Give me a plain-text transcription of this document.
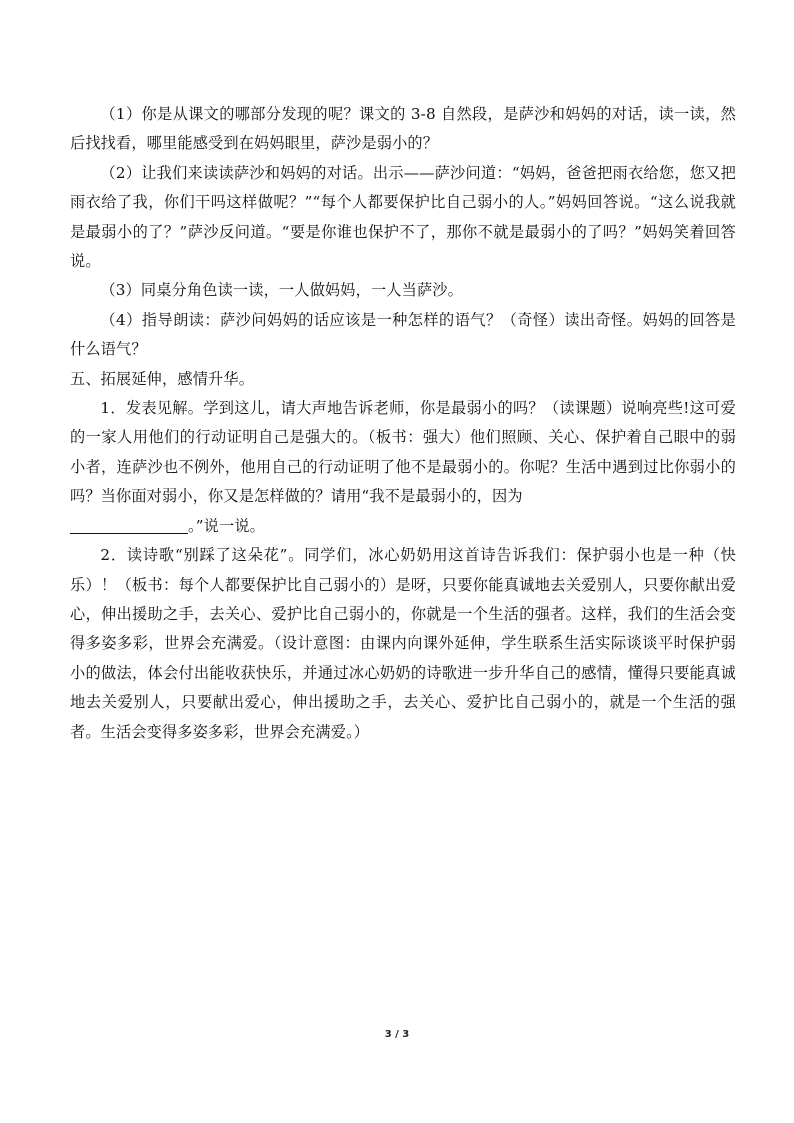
（1）你是从课文的哪部分发现的呢？课文的 3-8 自然段，是萨沙和妈妈的对话，读一读，然后找找看，哪里能感受到在妈妈眼里，萨沙是弱小的？

（2）让我们来读读萨沙和妈妈的对话。出示——萨沙问道：“妈妈，爸爸把雨衣给您，您又把雨衣给了我，你们干吗这样做呢？”“每个人都要保护比自己弱小的人。”妈妈回答说。“这么说我就是最弱小的了？”萨沙反问道。“要是你谁也保护不了，那你不就是最弱小的了吗？”妈妈笑着回答说。

（3）同桌分角色读一读，一人做妈妈，一人当萨沙。

（4）指导朗读：萨沙问妈妈的话应该是一种怎样的语气？（奇怪）读出奇怪。妈妈的回答是什么语气？

五、拓展延伸，感情升华。

1．发表见解。学到这儿，请大声地告诉老师，你是最弱小的吗？（读课题）说响亮些!这可爱的一家人用他们的行动证明自己是强大的。（板书：强大）他们照顾、关心、保护着自己眼中的弱小者，连萨沙也不例外，他用自己的行动证明了他不是最弱小的。你呢？生活中遇到过比你弱小的吗？当你面对弱小，你又是怎样做的？请用“我不是最弱小的，因为
。”说一说。

2．读诗歌“别踩了这朵花”。同学们，冰心奶奶用这首诗告诉我们：保护弱小也是一种（快乐）！（板书：每个人都要保护比自己弱小的）是呀，只要你能真诚地去关爱别人，只要你献出爱心，伸出援助之手，去关心、爱护比自己弱小的，你就是一个生活的强者。这样，我们的生活会变得多姿多彩，世界会充满爱。（设计意图：由课内向课外延伸，学生联系生活实际谈谈平时保护弱小的做法，体会付出能收获快乐，并通过冰心奶奶的诗歌进一步升华自己的感情，懂得只要能真诚地去关爱别人，只要献出爱心，伸出援助之手，去关心、爱护比自己弱小的，就是一个生活的强者。生活会变得多姿多彩，世界会充满爱。）

3 / 3
